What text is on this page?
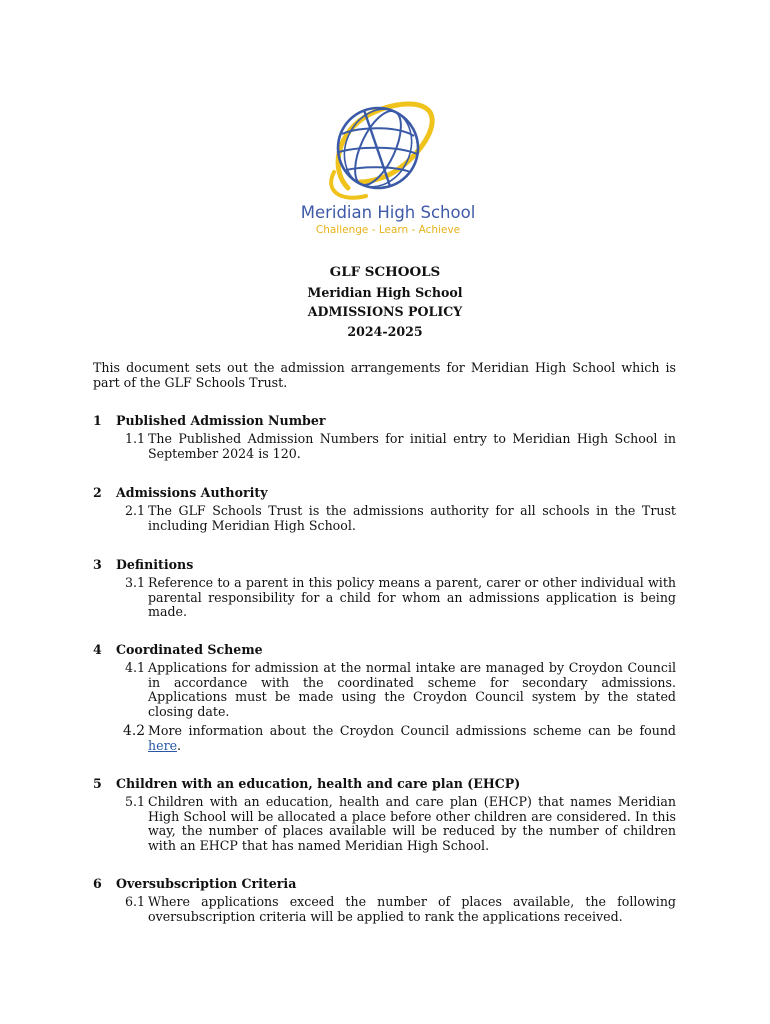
Meridian High School
Challenge - Learn - Achieve
GLF SCHOOLS
Meridian High School
ADMISSIONS POLICY
2024-2025
This document sets out the admission arrangements for Meridian High School which is part of the GLF Schools Trust.
1 Published Admission Number
1.1 The Published Admission Numbers for initial entry to Meridian High School in September 2024 is 120.
2 Admissions Authority
2.1 The GLF Schools Trust is the admissions authority for all schools in the Trust including Meridian High School.
3 Definitions
3.1 Reference to a parent in this policy means a parent, carer or other individual with parental responsibility for a child for whom an admissions application is being made.
4 Coordinated Scheme
4.1 Applications for admission at the normal intake are managed by Croydon Council in accordance with the coordinated scheme for secondary admissions. Applications must be made using the Croydon Council system by the stated closing date.
4.2 More information about the Croydon Council admissions scheme can be found here.
5 Children with an education, health and care plan (EHCP)
5.1 Children with an education, health and care plan (EHCP) that names Meridian High School will be allocated a place before other children are considered. In this way, the number of places available will be reduced by the number of children with an EHCP that has named Meridian High School.
6 Oversubscription Criteria
6.1 Where applications exceed the number of places available, the following oversubscription criteria will be applied to rank the applications received.
